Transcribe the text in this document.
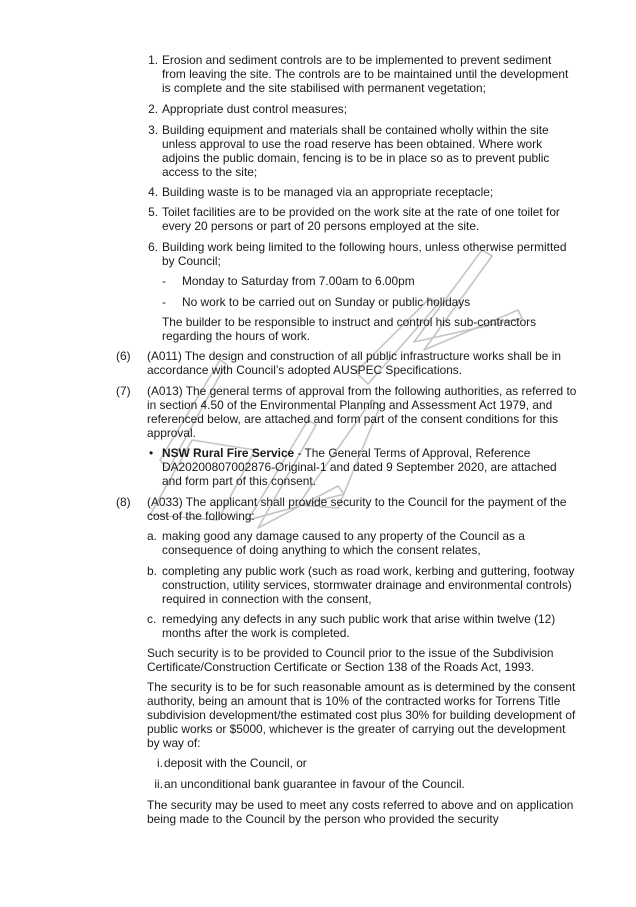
1. Erosion and sediment controls are to be implemented to prevent sediment from leaving the site. The controls are to be maintained until the development is complete and the site stabilised with permanent vegetation;

2. Appropriate dust control measures;

3. Building equipment and materials shall be contained wholly within the site unless approval to use the road reserve has been obtained. Where work adjoins the public domain, fencing is to be in place so as to prevent public access to the site;

4. Building waste is to be managed via an appropriate receptacle;

5. Toilet facilities are to be provided on the work site at the rate of one toilet for every 20 persons or part of 20 persons employed at the site.

6. Building work being limited to the following hours, unless otherwise permitted by Council;

- Monday to Saturday from 7.00am to 6.00pm

- No work to be carried out on Sunday or public holidays

The builder to be responsible to instruct and control his sub-contractors regarding the hours of work.

(6) (A011) The design and construction of all public infrastructure works shall be in accordance with Council’s adopted AUSPEC Specifications.

(7) (A013) The general terms of approval from the following authorities, as referred to in section 4.50 of the Environmental Planning and Assessment Act 1979, and referenced below, are attached and form part of the consent conditions for this approval.

• NSW Rural Fire Service - The General Terms of Approval, Reference DA20200807002876-Original-1 and dated 9 September 2020, are attached and form part of this consent.

(8) (A033) The applicant shall provide security to the Council for the payment of the cost of the following:

a. making good any damage caused to any property of the Council as a consequence of doing anything to which the consent relates,

b. completing any public work (such as road work, kerbing and guttering, footway construction, utility services, stormwater drainage and environmental controls) required in connection with the consent,

c. remedying any defects in any such public work that arise within twelve (12) months after the work is completed.

Such security is to be provided to Council prior to the issue of the Subdivision Certificate/Construction Certificate or Section 138 of the Roads Act, 1993.

The security is to be for such reasonable amount as is determined by the consent authority, being an amount that is 10% of the contracted works for Torrens Title subdivision development/the estimated cost plus 30% for building development of public works or $5000, whichever is the greater of carrying out the development by way of:

i. deposit with the Council, or

ii. an unconditional bank guarantee in favour of the Council.

The security may be used to meet any costs referred to above and on application being made to the Council by the person who provided the security
